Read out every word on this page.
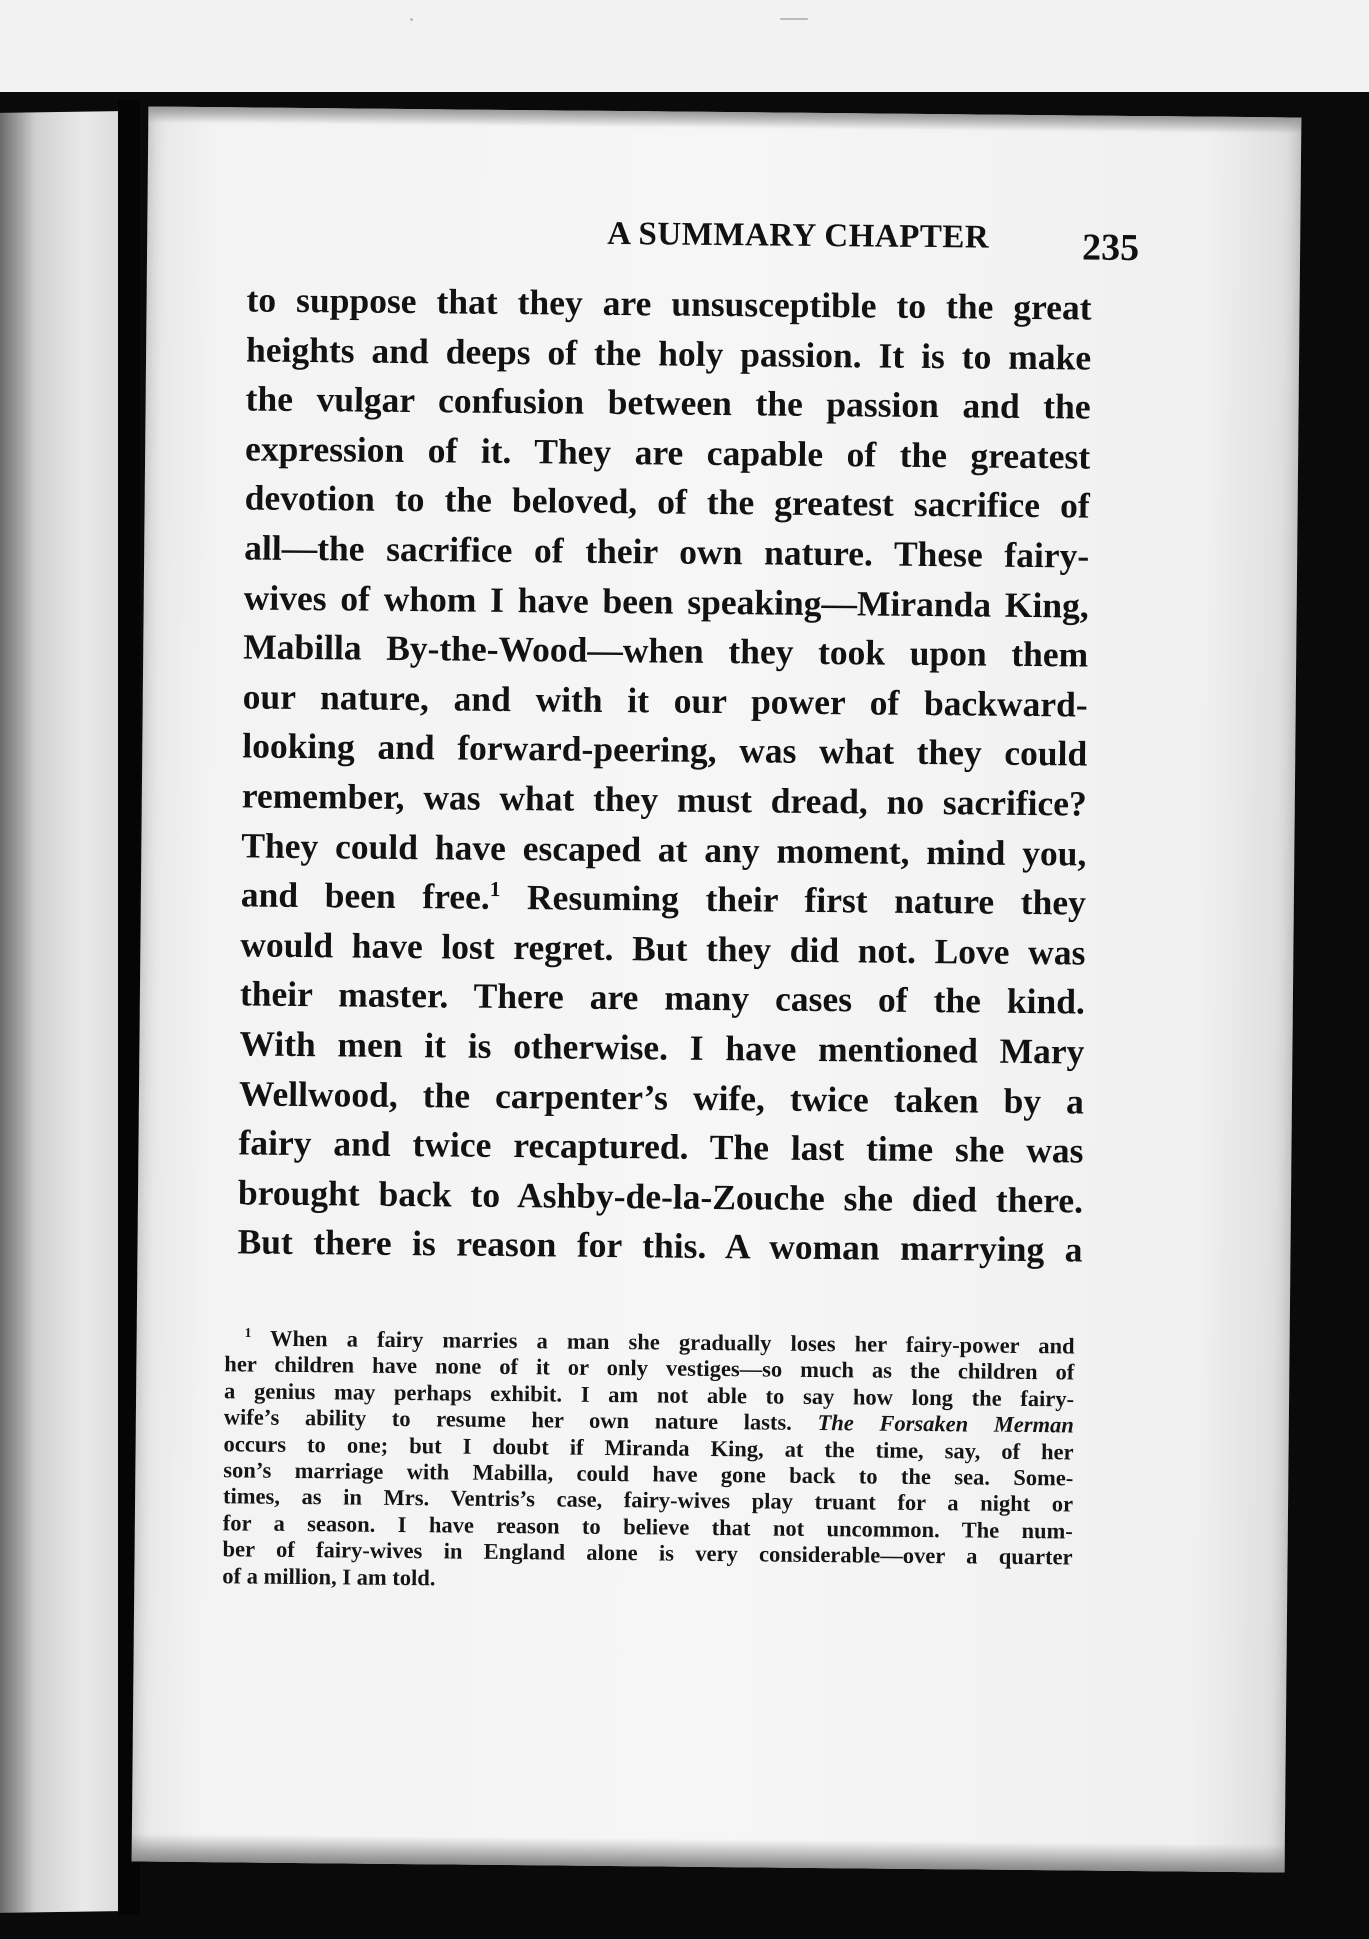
A SUMMARY CHAPTER 235
to suppose that they are unsusceptible to the great
heights and deeps of the holy passion. It is to make
the vulgar confusion between the passion and the
expression of it. They are capable of the greatest
devotion to the beloved, of the greatest sacrifice of
all—the sacrifice of their own nature. These fairy-
wives of whom I have been speaking—Miranda King,
Mabilla By-the-Wood—when they took upon them
our nature, and with it our power of backward-
looking and forward-peering, was what they could
remember, was what they must dread, no sacrifice?
They could have escaped at any moment, mind you,
and been free.$^1$ Resuming their first nature they
would have lost regret. But they did not. Love was
their master. There are many cases of the kind.
With men it is otherwise. I have mentioned Mary
Wellwood, the carpenter’s wife, twice taken by a
fairy and twice recaptured. The last time she was
brought back to Ashby-de-la-Zouche she died there.
But there is reason for this. A woman marrying a
$^1$ When a fairy marries a man she gradually loses her fairy-power and
her children have none of it or only vestiges—so much as the children of
a genius may perhaps exhibit. I am not able to say how long the fairy-
wife’s ability to resume her own nature lasts. The Forsaken Merman
occurs to one; but I doubt if Miranda King, at the time, say, of her
son’s marriage with Mabilla, could have gone back to the sea. Some-
times, as in Mrs. Ventris’s case, fairy-wives play truant for a night or
for a season. I have reason to believe that not uncommon. The num-
ber of fairy-wives in England alone is very considerable—over a quarter
of a million, I am told.
